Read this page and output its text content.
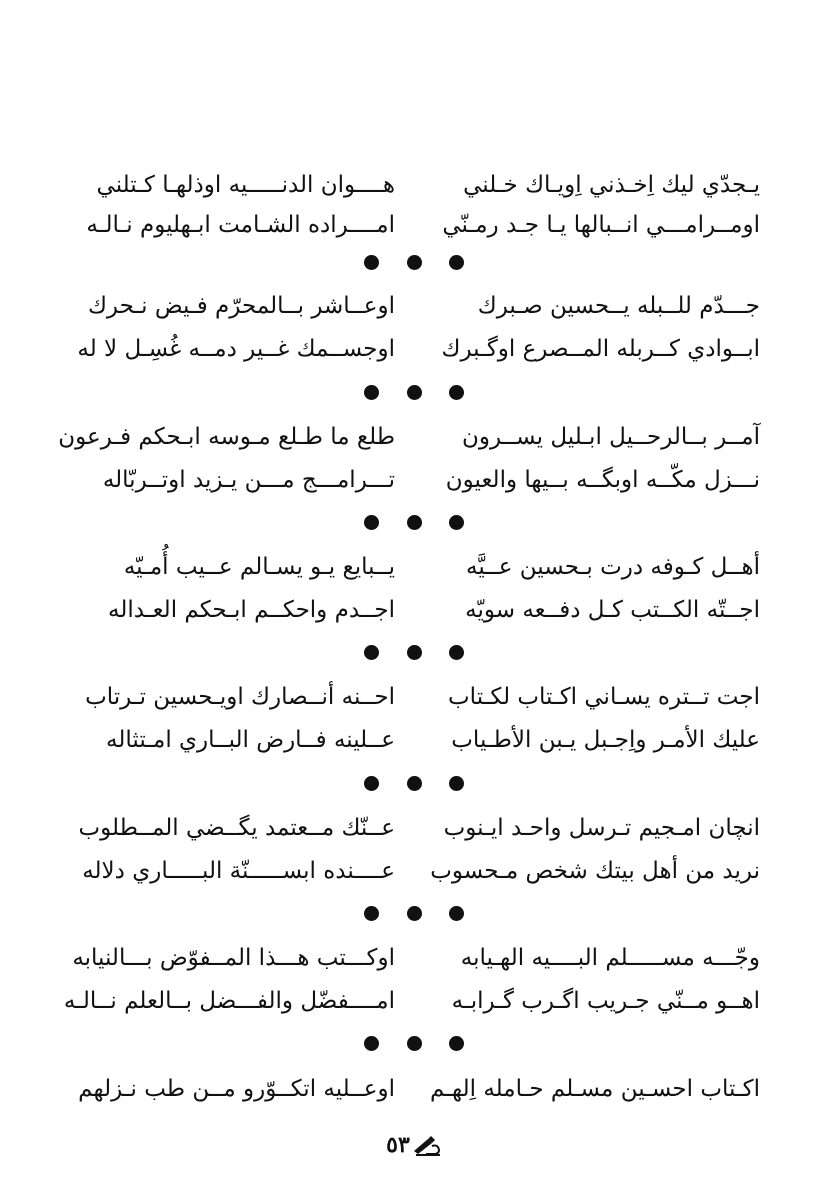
يـجدّي ليك اِخـذني اِويـاك خـلني
هــــوان الدنـــــيه اوذلهـا كـتلني
اومــرامـــي انــبالها يـا جـد رمـنّي
امــــراده الشـامت ابـهليوم نـالـه
جـــدّم للــبله يــحسين صـبرك
اوعــاشر بــالمحرّم فـيض نـحرك
ابــوادي كــربله المــصرع اوگـبرك
اوجســمك غــير دمــه غُسِـل لا له
آمــر بــالرحــيل ابـليل يســرون
طلع ما طـلع مـوسه ابـحكم فـرعون
نـــزل مكّــه اوبگــه بــيها والعيون
تـــرامـــج مـــن يـزيد اوتــربّاله
أهــل كـوفه درت بـحسين عــيَّه
يــبايع يـو يسـالم عــيب أُمـيّه
اجــتّه الكــتب كـل دفــعه سويّه
اجــدم واحكــم ابـحكم العـداله
اجت تــتره يسـاني اكـتاب لكـتاب
احــنه أنــصارك اويـحسين تـرتاب
عليك الأمـر واِجـبل يـبن الأطـياب
عــلينه فــارض البــاري امـتثاله
انچان امـجيم تـرسل واحـد ايـنوب
عــنّك مــعتمد يگــضي المــطلوب
نريد من أهل بيتك شخص مـحسوب
عــــنده ابســـــنّة البـــــاري دلاله
وجّـــه مســـــلم البــــيه الهـيابه
اوكـــتب هـــذا المــفوّض بـــالنيابه
اهــو مــنّي جـريب اگـرب گـرابـه
امــــفضّل والفـــضل بــالعلم نــالـه
اكـتاب احسـين مسـلم حـامله اِلهـم
اوعــليه اتكــوّرو مــن طب نـزلهم
٥٣
